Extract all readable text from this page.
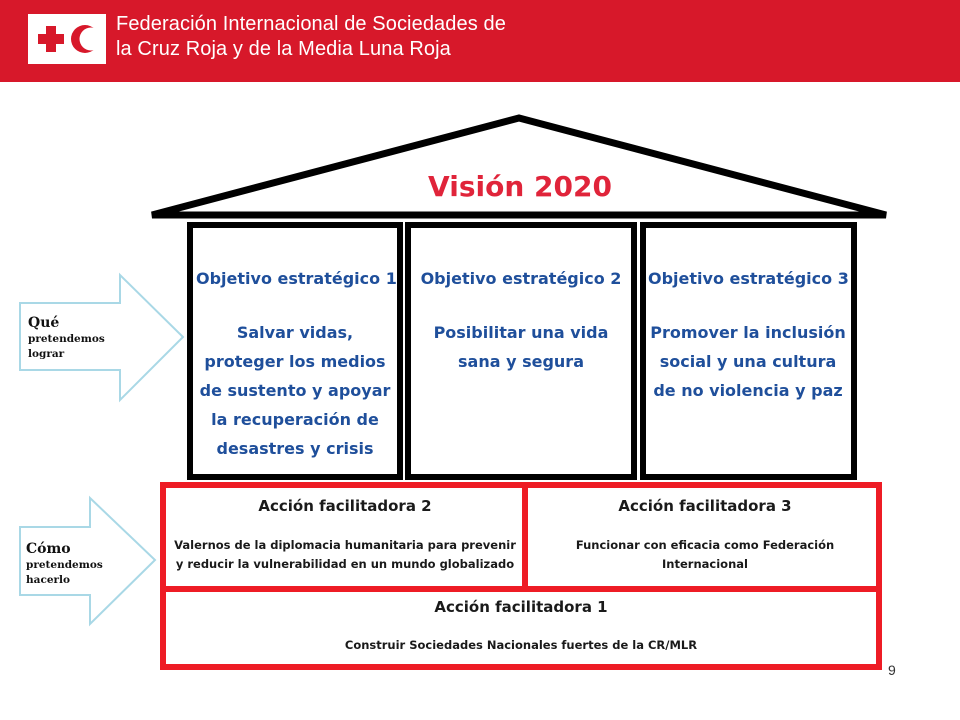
Federación Internacional de Sociedades de
la Cruz Roja y de la Media Luna Roja
Visión 2020
Objetivo estratégico 1
Salvar vidas, proteger los medios de sustento y apoyar la recuperación de desastres y crisis
Objetivo estratégico 2
Posibilitar una vida sana y segura
Objetivo estratégico 3
Promover la inclusión social y una cultura de no violencia y paz
Acción facilitadora 2
Valernos de la diplomacia humanitaria para prevenir y reducir la vulnerabilidad en un mundo globalizado
Acción facilitadora 3
Funcionar con eficacia como Federación Internacional
Acción facilitadora 1
Construir Sociedades Nacionales fuertes de la CR/MLR
Qué
pretendemos
lograr
Cómo
pretendemos
hacerlo
9
